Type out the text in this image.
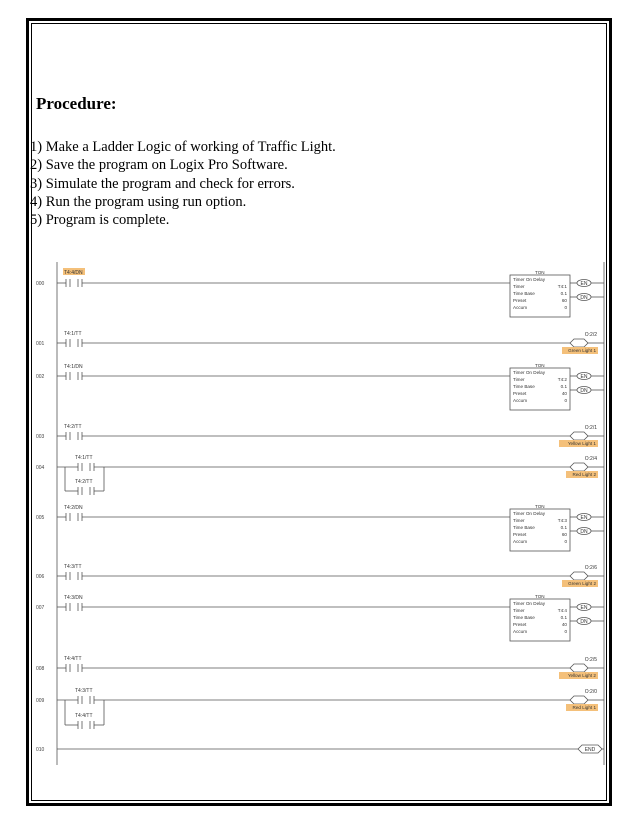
Procedure:
1) Make a Ladder Logic of working of Traffic Light.
2) Save the program on Logix Pro Software.
3) Simulate the program and check for errors.
4) Run the program using run option.
5) Program is complete.
000
001
002
003
004
005
006
007
008
009
010
T4:4/DN
T4:1/TT
T4:1/DN
T4:2/TT
T4:1/TT
T4:2/TT
T4:2/DN
T4:3/TT
T4:3/DN
T4:4/TT
T4:3/TT
T4:4/TT
TON
Timer On Delay
Timer	T4:1
Time Base	0.1
Preset	60
Accum	0
EN
DN
TON
Timer On Delay
Timer	T4:2
Time Base	0.1
Preset	40
Accum	0
EN
DN
TON
Timer On Delay
Timer	T4:3
Time Base	0.1
Preset	60
Accum	0
EN
DN
TON
Timer On Delay
Timer	T4:4
Time Base	0.1
Preset	40
Accum	0
EN
DN
O:2/2
Green Light 1
O:2/1
Yellow Light 1
O:2/4
Red Light 2
O:2/6
Green Light 2
O:2/5
Yellow Light 2
O:2/0
Red Light 1
END
